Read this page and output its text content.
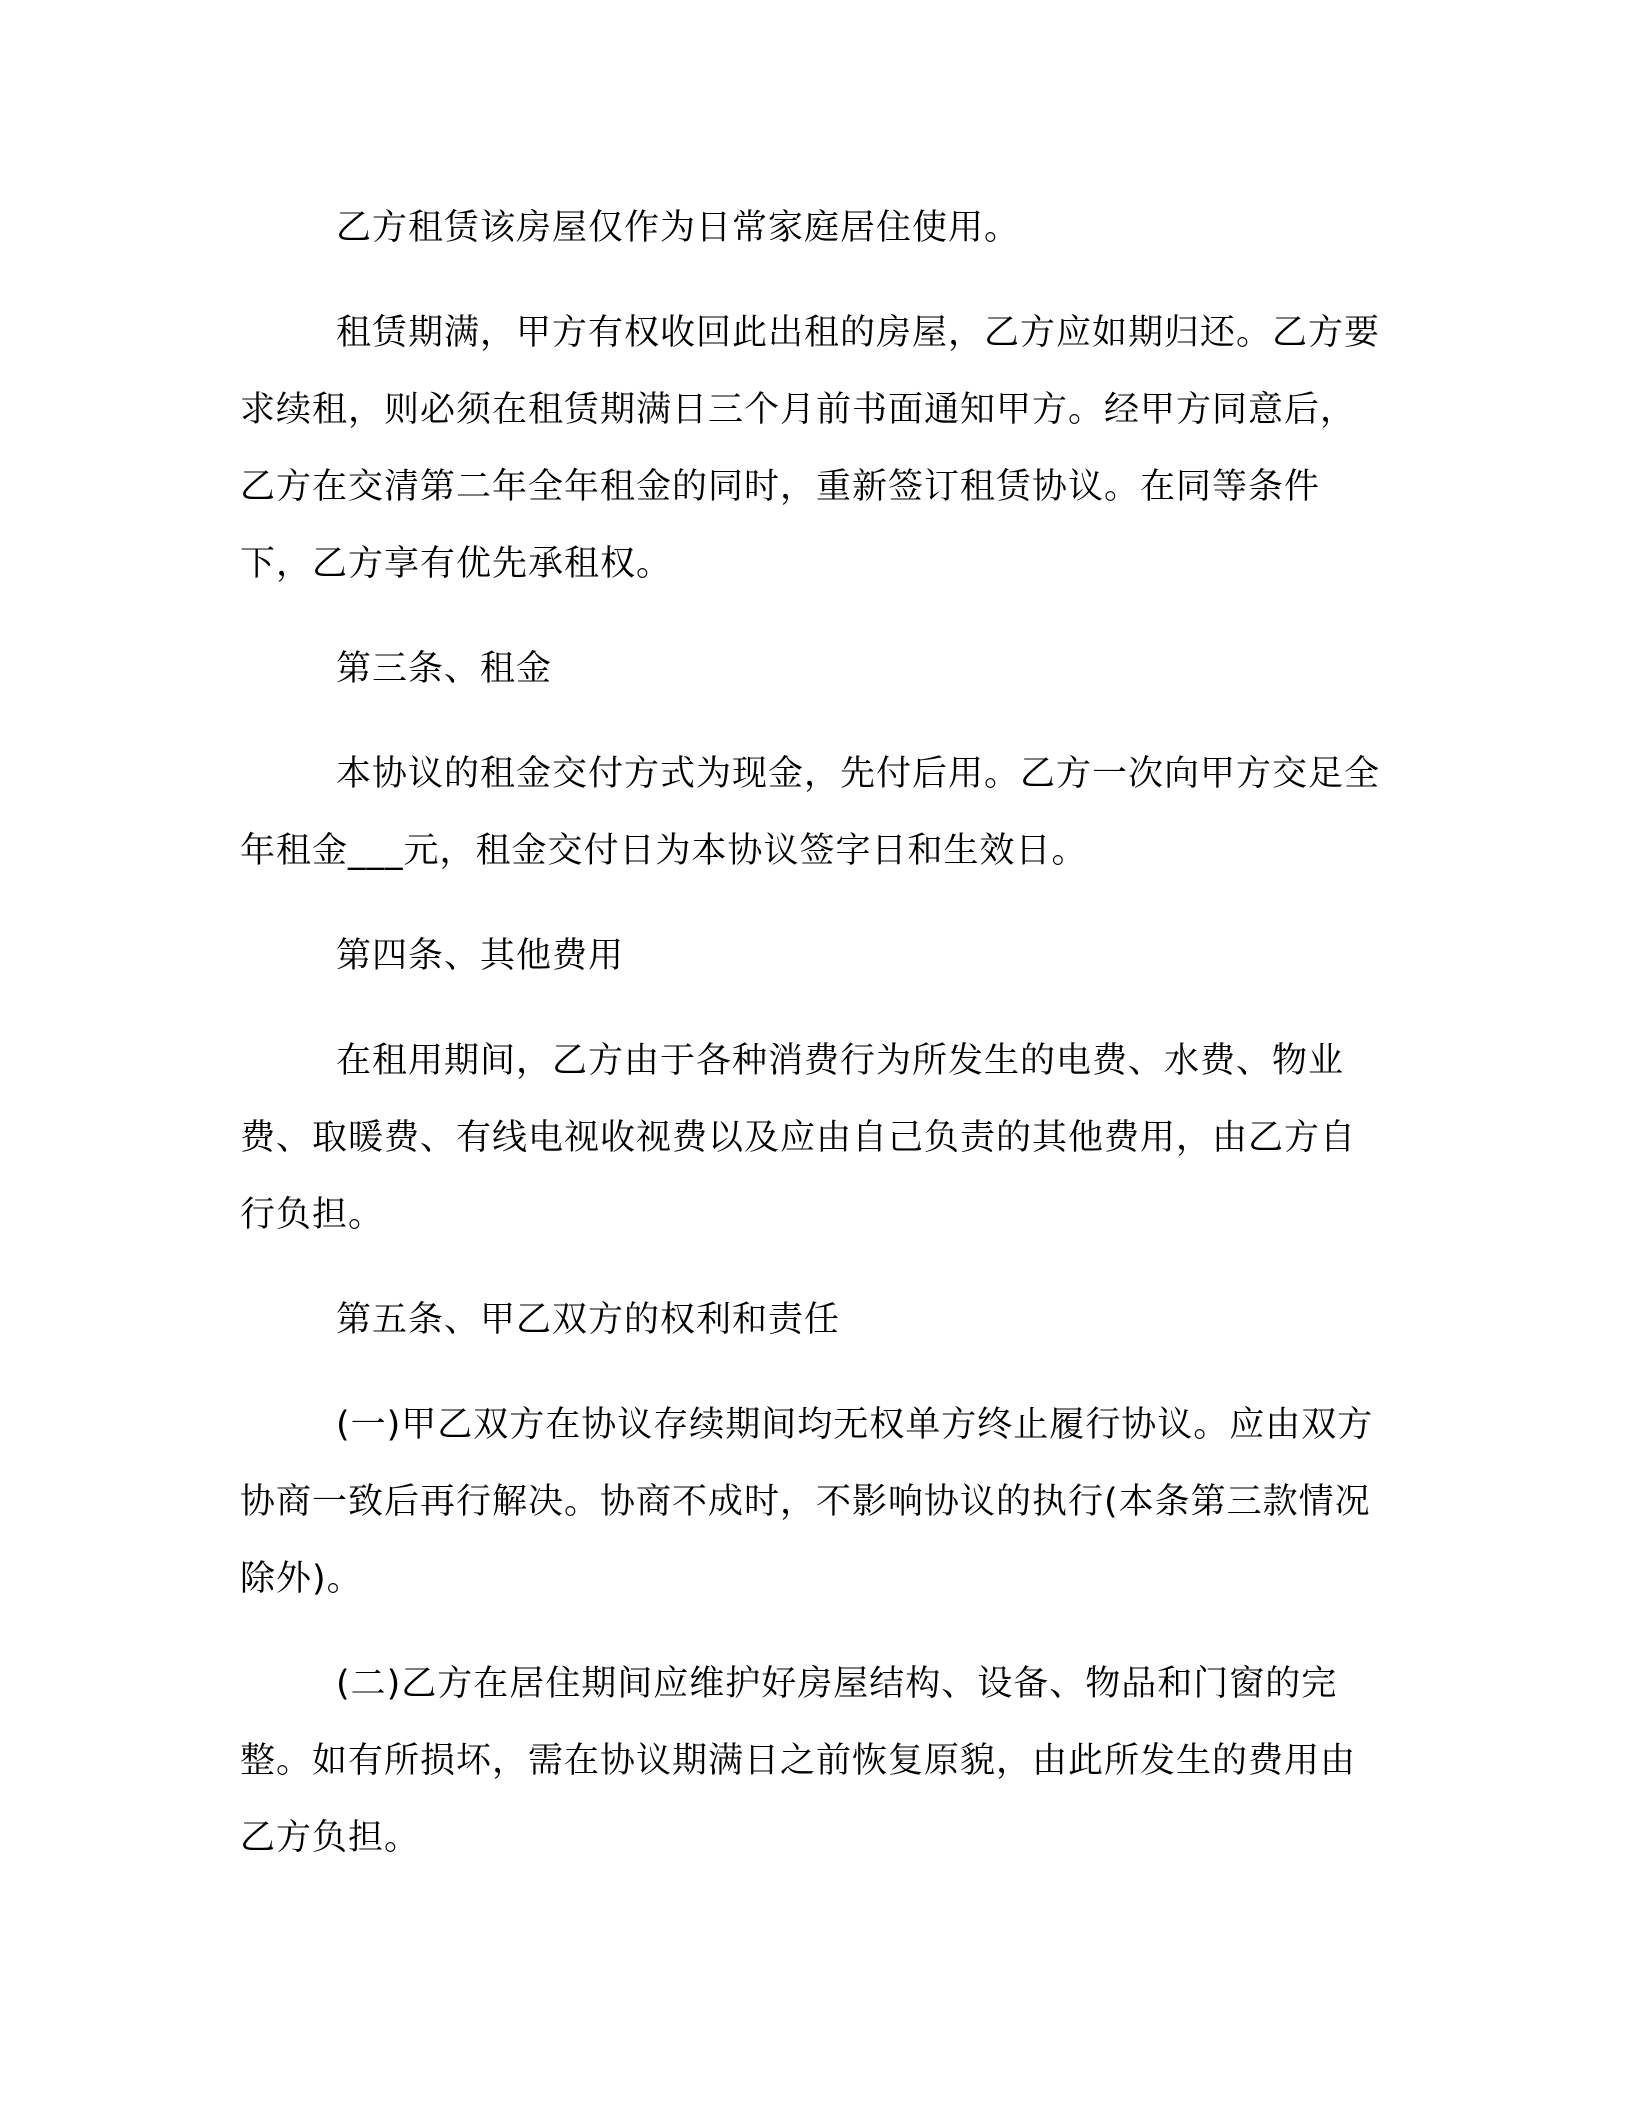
乙方租赁该房屋仅作为日常家庭居住使用。

租赁期满，甲方有权收回此出租的房屋，乙方应如期归还。乙方要求续租，则必须在租赁期满日三个月前书面通知甲方。经甲方同意后，乙方在交清第二年全年租金的同时，重新签订租赁协议。在同等条件下，乙方享有优先承租权。

第三条、租金

本协议的租金交付方式为现金，先付后用。乙方一次向甲方交足全年租金___元，租金交付日为本协议签字日和生效日。

第四条、其他费用

在租用期间，乙方由于各种消费行为所发生的电费、水费、物业费、取暖费、有线电视收视费以及应由自己负责的其他费用，由乙方自行负担。

第五条、甲乙双方的权利和责任

(一)甲乙双方在协议存续期间均无权单方终止履行协议。应由双方协商一致后再行解决。协商不成时，不影响协议的执行(本条第三款情况除外)。

(二)乙方在居住期间应维护好房屋结构、设备、物品和门窗的完整。如有所损坏，需在协议期满日之前恢复原貌，由此所发生的费用由乙方负担。
